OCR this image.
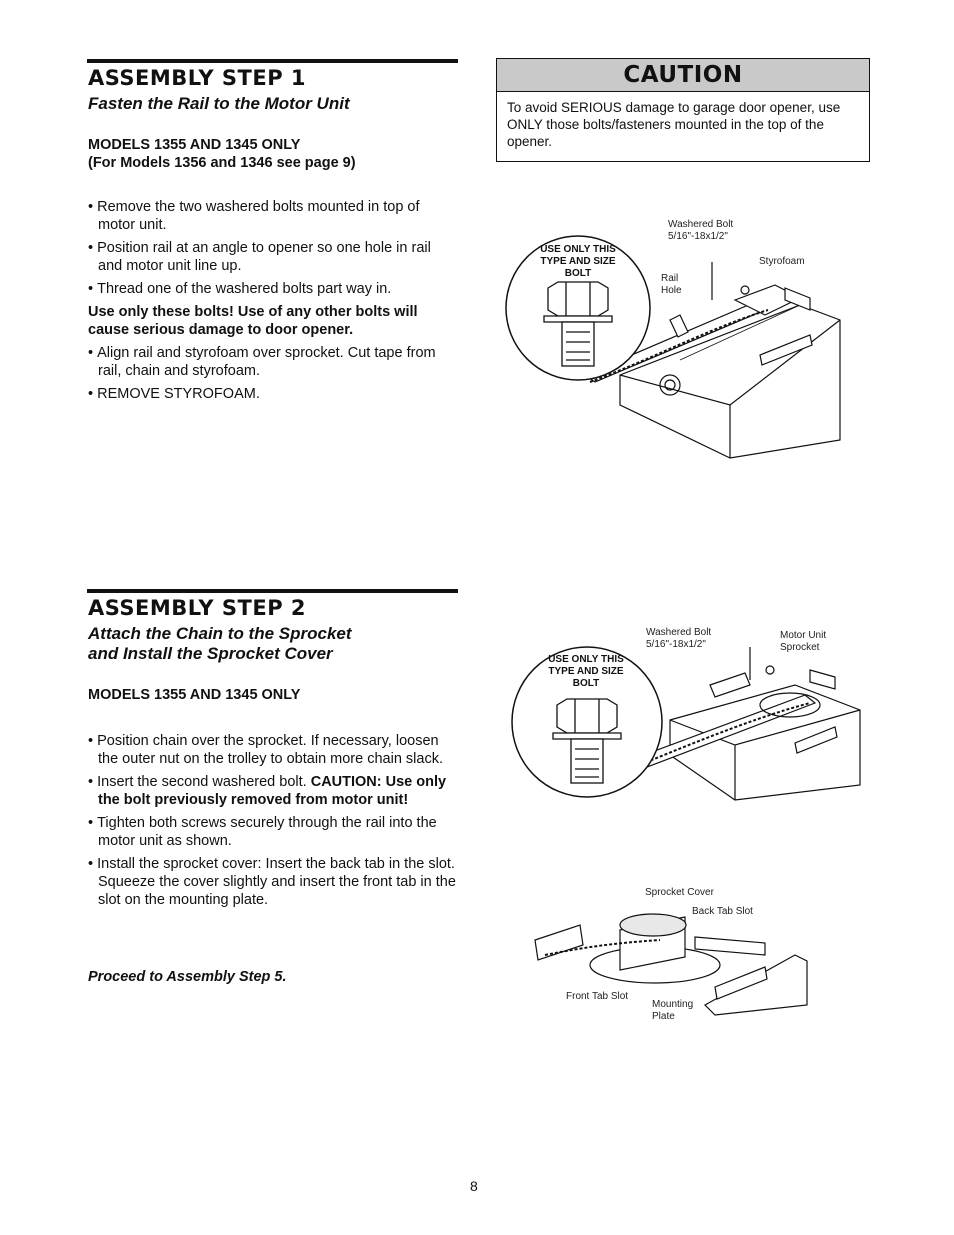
ASSEMBLY STEP 1
Fasten the Rail to the Motor Unit
MODELS 1355 AND 1345 ONLY
(For Models 1356 and 1346 see page 9)
• Remove the two washered bolts mounted in top of motor unit.
• Position rail at an angle to opener so one hole in rail and motor unit line up.
• Thread one of the washered bolts part way in.
Use only these bolts! Use of any other bolts will cause serious damage to door opener.
• Align rail and styrofoam over sprocket. Cut tape from rail, chain and styrofoam.
• REMOVE STYROFOAM.
CAUTION
To avoid SERIOUS damage to garage door opener, use ONLY those bolts/fasteners mounted in the top of the opener.
USE ONLY THIS TYPE AND SIZE BOLT
Washered Bolt
5/16"-18x1/2"
Rail Hole
Styrofoam
ASSEMBLY STEP 2
Attach the Chain to the Sprocket
and Install the Sprocket Cover
MODELS 1355 AND 1345 ONLY
• Position chain over the sprocket. If necessary, loosen the outer nut on the trolley to obtain more chain slack.
• Insert the second washered bolt. CAUTION: Use only the bolt previously removed from motor unit!
• Tighten both screws securely through the rail into the motor unit as shown.
• Install the sprocket cover: Insert the back tab in the slot. Squeeze the cover slightly and insert the front tab in the slot on the mounting plate.
Proceed to Assembly Step 5.
USE ONLY THIS TYPE AND SIZE BOLT
Washered Bolt
5/16"-18x1/2"
Motor Unit Sprocket
Sprocket Cover
Back Tab Slot
Front Tab Slot
Mounting Plate
8
